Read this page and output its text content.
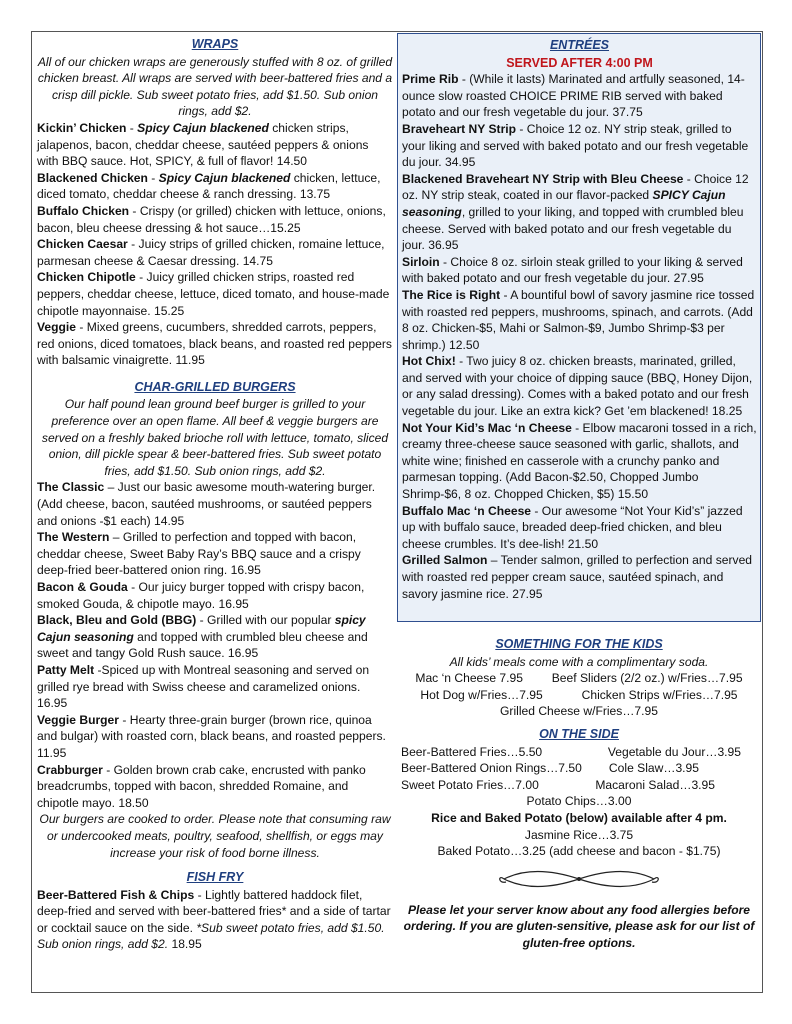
WRAPS
All of our chicken wraps are generously stuffed with 8 oz. of grilled chicken breast. All wraps are served with beer-battered fries and a crisp dill pickle. Sub sweet potato fries, add $1.50. Sub onion rings, add $2.
Kickin’ Chicken - Spicy Cajun blackened chicken strips, jalapenos, bacon, cheddar cheese, sautéed peppers & onions with BBQ sauce. Hot, SPICY, & full of flavor! 14.50
Blackened Chicken - Spicy Cajun blackened chicken, lettuce, diced tomato, cheddar cheese & ranch dressing. 13.75
Buffalo Chicken - Crispy (or grilled) chicken with lettuce, onions, bacon, bleu cheese dressing & hot sauce…15.25
Chicken Caesar - Juicy strips of grilled chicken, romaine lettuce, parmesan cheese & Caesar dressing. 14.75
Chicken Chipotle - Juicy grilled chicken strips, roasted red peppers, cheddar cheese, lettuce, diced tomato, and house-made chipotle mayonnaise. 15.25
Veggie - Mixed greens, cucumbers, shredded carrots, peppers, red onions, diced tomatoes, black beans, and roasted red peppers with balsamic vinaigrette. 11.95
CHAR-GRILLED BURGERS
Our half pound lean ground beef burger is grilled to your preference over an open flame. All beef & veggie burgers are served on a freshly baked brioche roll with lettuce, tomato, sliced onion, dill pickle spear & beer-battered fries. Sub sweet potato fries, add $1.50. Sub onion rings, add $2.
The Classic – Just our basic awesome mouth-watering burger. (Add cheese, bacon, sautéed mushrooms, or sautéed peppers and onions -$1 each) 14.95
The Western – Grilled to perfection and topped with bacon, cheddar cheese, Sweet Baby Ray’s BBQ sauce and a crispy deep-fried beer-battered onion ring. 16.95
Bacon & Gouda - Our juicy burger topped with crispy bacon, smoked Gouda, & chipotle mayo. 16.95
Black, Bleu and Gold (BBG) - Grilled with our popular spicy Cajun seasoning and topped with crumbled bleu cheese and sweet and tangy Gold Rush sauce. 16.95
Patty Melt -Spiced up with Montreal seasoning and served on grilled rye bread with Swiss cheese and caramelized onions. 16.95
Veggie Burger - Hearty three-grain burger (brown rice, quinoa and bulgar) with roasted corn, black beans, and roasted peppers. 11.95
Crabburger - Golden brown crab cake, encrusted with panko breadcrumbs, topped with bacon, shredded Romaine, and chipotle mayo. 18.50
Our burgers are cooked to order. Please note that consuming raw or undercooked meats, poultry, seafood, shellfish, or eggs may increase your risk of food borne illness.
FISH FRY
Beer-Battered Fish & Chips - Lightly battered haddock filet, deep-fried and served with beer-battered fries* and a side of tartar or cocktail sauce on the side. *Sub sweet potato fries, add $1.50. Sub onion rings, add $2. 18.95
ENTRÉES
SERVED AFTER 4:00 PM
Prime Rib - (While it lasts) Marinated and artfully seasoned, 14-ounce slow roasted CHOICE PRIME RIB served with baked potato and our fresh vegetable du jour. 37.75
Braveheart NY Strip - Choice 12 oz. NY strip steak, grilled to your liking and served with baked potato and our fresh vegetable du jour. 34.95
Blackened Braveheart NY Strip with Bleu Cheese - Choice 12 oz. NY strip steak, coated in our flavor-packed SPICY Cajun seasoning, grilled to your liking, and topped with crumbled bleu cheese. Served with baked potato and our fresh vegetable du jour. 36.95
Sirloin - Choice 8 oz. sirloin steak grilled to your liking & served with baked potato and our fresh vegetable du jour. 27.95
The Rice is Right - A bountiful bowl of savory jasmine rice tossed with roasted red peppers, mushrooms, spinach, and carrots. (Add 8 oz. Chicken-$5, Mahi or Salmon-$9, Jumbo Shrimp-$3 per shrimp.) 12.50
Hot Chix! - Two juicy 8 oz. chicken breasts, marinated, grilled, and served with your choice of dipping sauce (BBQ, Honey Dijon, or any salad dressing). Comes with a baked potato and our fresh vegetable du jour. Like an extra kick? Get ’em blackened! 18.25
Not Your Kid’s Mac ‘n Cheese - Elbow macaroni tossed in a rich, creamy three-cheese sauce seasoned with garlic, shallots, and white wine; finished en casserole with a crunchy panko and parmesan topping. (Add Bacon-$2.50, Chopped Jumbo Shrimp-$6, 8 oz. Chopped Chicken, $5) 15.50
Buffalo Mac ‘n Cheese - Our awesome “Not Your Kid’s” jazzed up with buffalo sauce, breaded deep-fried chicken, and bleu cheese crumbles. It’s dee-lish! 21.50
Grilled Salmon – Tender salmon, grilled to perfection and served with roasted red pepper cream sauce, sautéed spinach, and savory jasmine rice. 27.95
SOMETHING FOR THE KIDS
All kids’ meals come with a complimentary soda.
Mac ‘n Cheese 7.95 Beef Sliders (2/2 oz.) w/Fries…7.95
Hot Dog w/Fries…7.95	Chicken Strips w/Fries…7.95
Grilled Cheese w/Fries…7.95
ON THE SIDE
Beer-Battered Fries…5.50	Vegetable du Jour…3.95
Beer-Battered Onion Rings…7.50 Cole Slaw…3.95
Sweet Potato Fries…7.00	Macaroni Salad…3.95
Potato Chips…3.00
Rice and Baked Potato (below) available after 4 pm.
Jasmine Rice…3.75
Baked Potato…3.25 (add cheese and bacon - $1.75)
Please let your server know about any food allergies before ordering. If you are gluten-sensitive, please ask for our list of gluten-free options.
